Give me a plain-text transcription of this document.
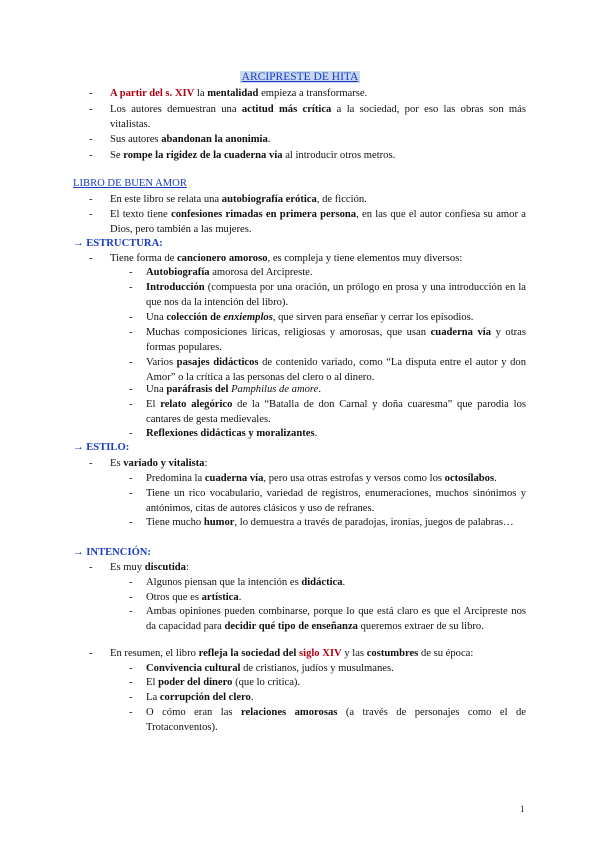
ARCIPRESTE DE HITA
- A partir del s. XIV la mentalidad empieza a transformarse.
- Los autores demuestran una actitud más crítica a la sociedad, por eso las obras son más vitalistas.
- Sus autores abandonan la anonimia.
- Se rompe la rigidez de la cuaderna vía al introducir otros metros.
LIBRO DE BUEN AMOR
- En este libro se relata una autobiografía erótica, de ficción.
- El texto tiene confesiones rimadas en primera persona, en las que el autor confiesa su amor a Dios, pero también a las mujeres.
→ ESTRUCTURA:
- Tiene forma de cancionero amoroso, es compleja y tiene elementos muy diversos:
- Autobiografía amorosa del Arcipreste.
- Introducción (compuesta por una oración, un prólogo en prosa y una introducción en la que nos da la intención del libro).
- Una colección de enxiemplos, que sirven para enseñar y cerrar los episodios.
- Muchas composiciones líricas, religiosas y amorosas, que usan cuaderna vía y otras formas populares.
- Varios pasajes didácticos de contenido variado, como “La disputa entre el autor y don Amor” o la crítica a las personas del clero o al dinero.
- Una paráfrasis del Pamphilus de amore.
- El relato alegórico de la “Batalla de don Carnal y doña cuaresma” que parodia los cantares de gesta medievales.
- Reflexiones didácticas y moralizantes.
→ ESTILO:
- Es variado y vitalista:
- Predomina la cuaderna vía, pero usa otras estrofas y versos como los octosílabos.
- Tiene un rico vocabulario, variedad de registros, enumeraciones, muchos sinónimos y antónimos, citas de autores clásicos y uso de refranes.
- Tiene mucho humor, lo demuestra a través de paradojas, ironías, juegos de palabras…
→ INTENCIÓN:
- Es muy discutida:
- Algunos piensan que la intención es didáctica.
- Otros que es artística.
- Ambas opiniones pueden combinarse, porque lo que está claro es que el Arcipreste nos da capacidad para decidir qué tipo de enseñanza queremos extraer de su libro.
- En resumen, el libro refleja la sociedad del siglo XIV y las costumbres de su época:
- Convivencia cultural de cristianos, judíos y musulmanes.
- El poder del dinero (que lo critica).
- La corrupción del clero.
- O cómo eran las relaciones amorosas (a través de personajes como el de Trotaconventos).
1
